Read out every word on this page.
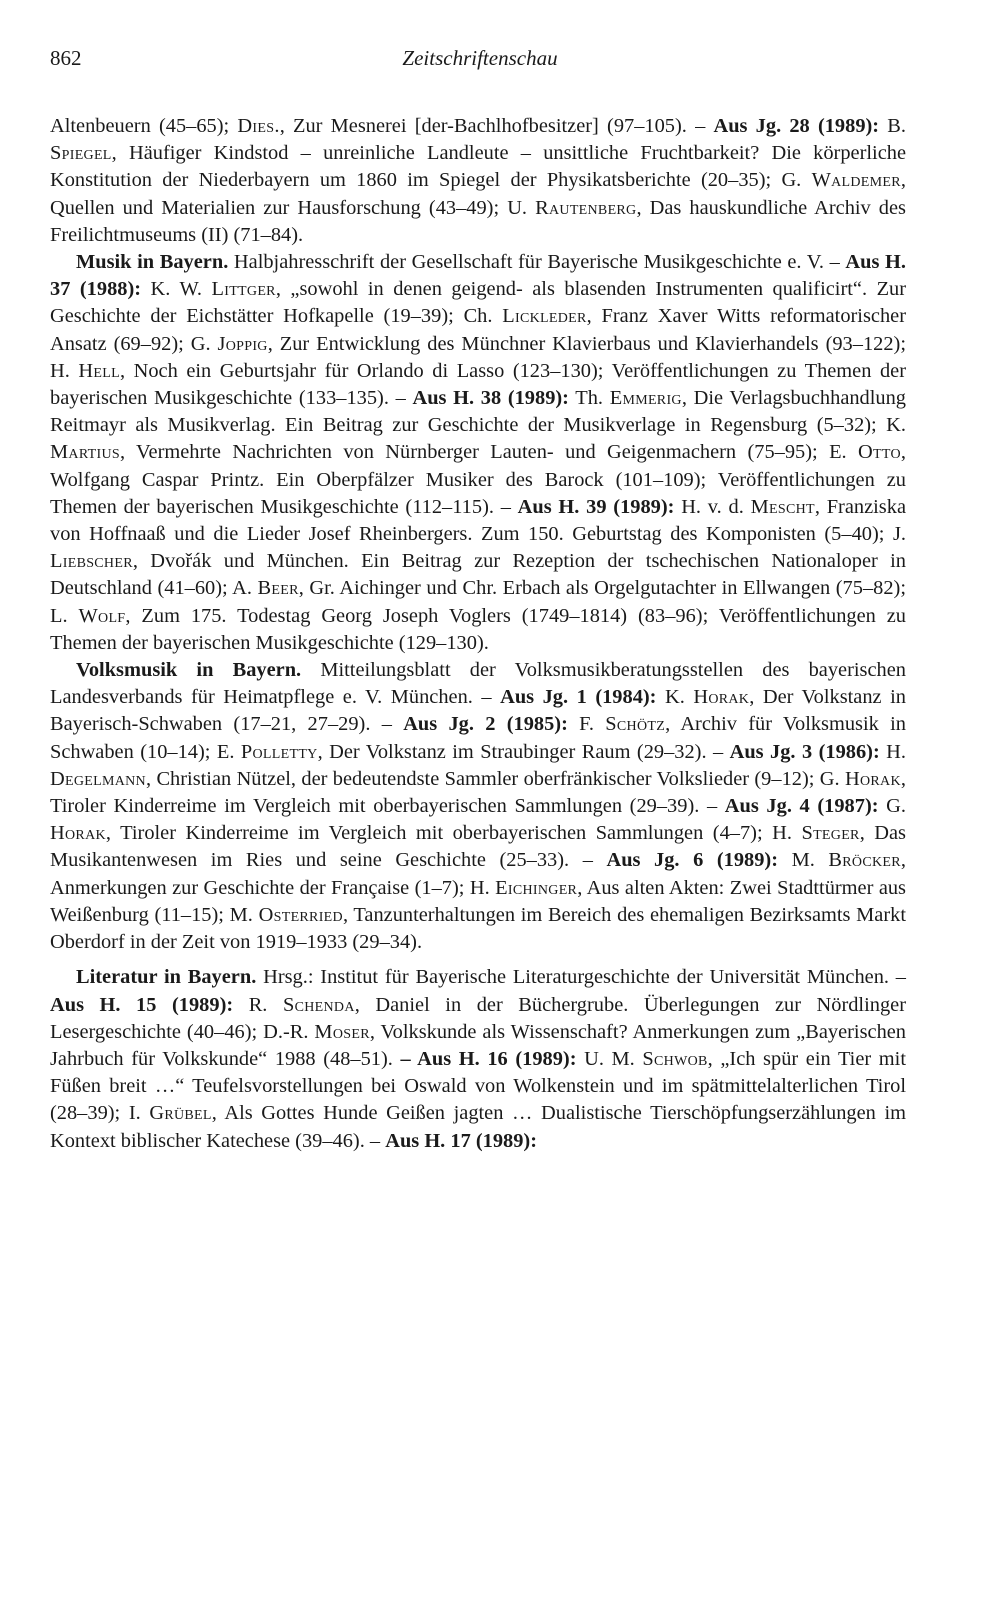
862	Zeitschriftenschau

Altenbeuern (45–65); Dies., Zur Mesnerei [der-Bachlhofbesitzer] (97–105). – Aus Jg. 28 (1989): B. Spiegel, Häufiger Kindstod – unreinliche Landleute – unsittliche Fruchtbarkeit? Die körperliche Konstitution der Niederbayern um 1860 im Spiegel der Physikatsberichte (20–35); G. Waldemer, Quellen und Materialien zur Hausforschung (43–49); U. Rautenberg, Das hauskundliche Archiv des Freilichtmuseums (II) (71–84).

Musik in Bayern. Halbjahresschrift der Gesellschaft für Bayerische Musikgeschichte e. V. – Aus H. 37 (1988): K. W. Littger, „sowohl in denen geigend- als blasenden Instrumenten qualificirt“. Zur Geschichte der Eichstätter Hofkapelle (19–39); Ch. Lickleder, Franz Xaver Witts reformatorischer Ansatz (69–92); G. Joppig, Zur Entwicklung des Münchner Klavierbaus und Klavierhandels (93–122); H. Hell, Noch ein Geburtsjahr für Orlando di Lasso (123–130); Veröffentlichungen zu Themen der bayerischen Musikgeschichte (133–135). – Aus H. 38 (1989): Th. Emmerig, Die Verlagsbuchhandlung Reitmayr als Musikverlag. Ein Beitrag zur Geschichte der Musikverlage in Regensburg (5–32); K. Martius, Vermehrte Nachrichten von Nürnberger Lauten- und Geigenmachern (75–95); E. Otto, Wolfgang Caspar Printz. Ein Oberpfälzer Musiker des Barock (101–109); Veröffentlichungen zu Themen der bayerischen Musikgeschichte (112–115). – Aus H. 39 (1989): H. v. d. Mescht, Franziska von Hoffnaaß und die Lieder Josef Rheinbergers. Zum 150. Geburtstag des Komponisten (5–40); J. Liebscher, Dvořák und München. Ein Beitrag zur Rezeption der tschechischen Nationaloper in Deutschland (41–60); A. Beer, Gr. Aichinger und Chr. Erbach als Orgelgutachter in Ellwangen (75–82); L. Wolf, Zum 175. Todestag Georg Joseph Voglers (1749–1814) (83–96); Veröffentlichungen zu Themen der bayerischen Musikgeschichte (129–130).

Volksmusik in Bayern. Mitteilungsblatt der Volksmusikberatungsstellen des bayerischen Landesverbands für Heimatpflege e. V. München. – Aus Jg. 1 (1984): K. Horak, Der Volkstanz in Bayerisch-Schwaben (17–21, 27–29). – Aus Jg. 2 (1985): F. Schötz, Archiv für Volksmusik in Schwaben (10–14); E. Polletty, Der Volkstanz im Straubinger Raum (29–32). – Aus Jg. 3 (1986): H. Degelmann, Christian Nützel, der bedeutendste Sammler oberfränkischer Volkslieder (9–12); G. Horak, Tiroler Kinderreime im Vergleich mit oberbayerischen Sammlungen (29–39). – Aus Jg. 4 (1987): G. Horak, Tiroler Kinderreime im Vergleich mit oberbayerischen Sammlungen (4–7); H. Steger, Das Musikantenwesen im Ries und seine Geschichte (25–33). – Aus Jg. 6 (1989): M. Bröcker, Anmerkungen zur Geschichte der Française (1–7); H. Eichinger, Aus alten Akten: Zwei Stadttürmer aus Weißenburg (11–15); M. Osterried, Tanzunterhaltungen im Bereich des ehemaligen Bezirksamts Markt Oberdorf in der Zeit von 1919–1933 (29–34).

Literatur in Bayern. Hrsg.: Institut für Bayerische Literaturgeschichte der Universität München. – Aus H. 15 (1989): R. Schenda, Daniel in der Büchergrube. Überlegungen zur Nördlinger Lesergeschichte (40–46); D.-R. Moser, Volkskunde als Wissenschaft? Anmerkungen zum „Bayerischen Jahrbuch für Volkskunde“ 1988 (48–51). – Aus H. 16 (1989): U. M. Schwob, „Ich spür ein Tier mit Füßen breit …“ Teufelsvorstellungen bei Oswald von Wolkenstein und im spätmittelalterlichen Tirol (28–39); I. Grübel, Als Gottes Hunde Geißen jagten … Dualistische Tierschöpfungserzählungen im Kontext biblischer Katechese (39–46). – Aus H. 17 (1989):
